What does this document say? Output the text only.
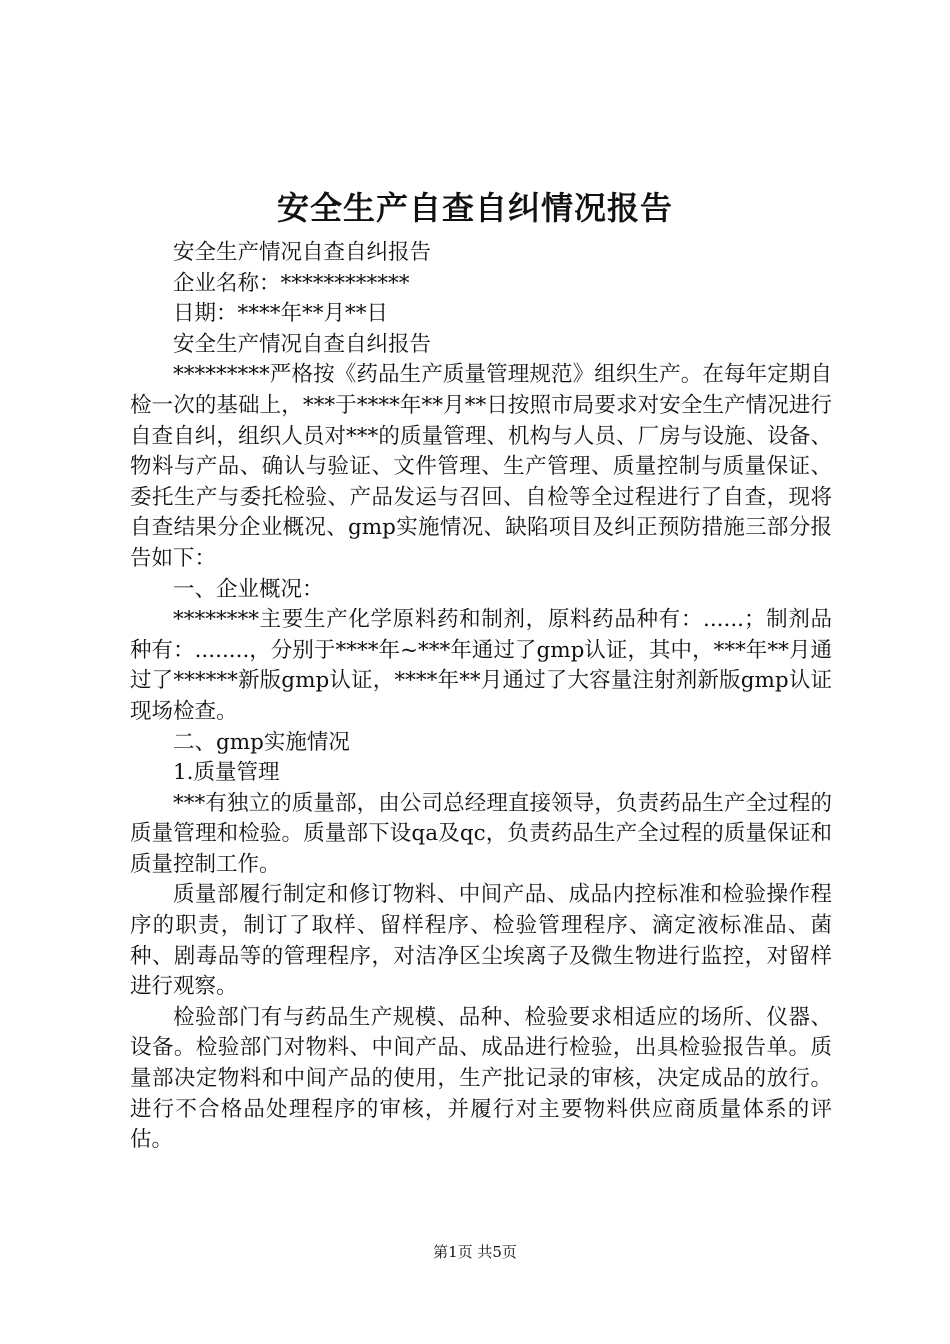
安全生产自查自纠情况报告

安全生产情况自查自纠报告

企业名称：************

日期：****年**月**日

安全生产情况自查自纠报告

*********严格按《药品生产质量管理规范》组织生产。在每年定期自检一次的基础上，***于****年**月**日按照市局要求对安全生产情况进行自查自纠，组织人员对***的质量管理、机构与人员、厂房与设施、设备、物料与产品、确认与验证、文件管理、生产管理、质量控制与质量保证、委托生产与委托检验、产品发运与召回、自检等全过程进行了自查，现将自查结果分企业概况、gmp实施情况、缺陷项目及纠正预防措施三部分报告如下：

一、企业概况：

********主要生产化学原料药和制剂，原料药品种有：......；制剂品种有：........，分别于****年~***年通过了gmp认证，其中，***年**月通过了******新版gmp认证，****年**月通过了大容量注射剂新版gmp认证现场检查。

二、gmp实施情况

1.质量管理

***有独立的质量部，由公司总经理直接领导，负责药品生产全过程的质量管理和检验。质量部下设qa及qc，负责药品生产全过程的质量保证和质量控制工作。

质量部履行制定和修订物料、中间产品、成品内控标准和检验操作程序的职责，制订了取样、留样程序、检验管理程序、滴定液标准品、菌种、剧毒品等的管理程序，对洁净区尘埃离子及微生物进行监控，对留样进行观察。

检验部门有与药品生产规模、品种、检验要求相适应的场所、仪器、设备。检验部门对物料、中间产品、成品进行检验，出具检验报告单。质量部决定物料和中间产品的使用，生产批记录的审核，决定成品的放行。进行不合格品处理程序的审核，并履行对主要物料供应商质量体系的评估。

第1页 共5页
